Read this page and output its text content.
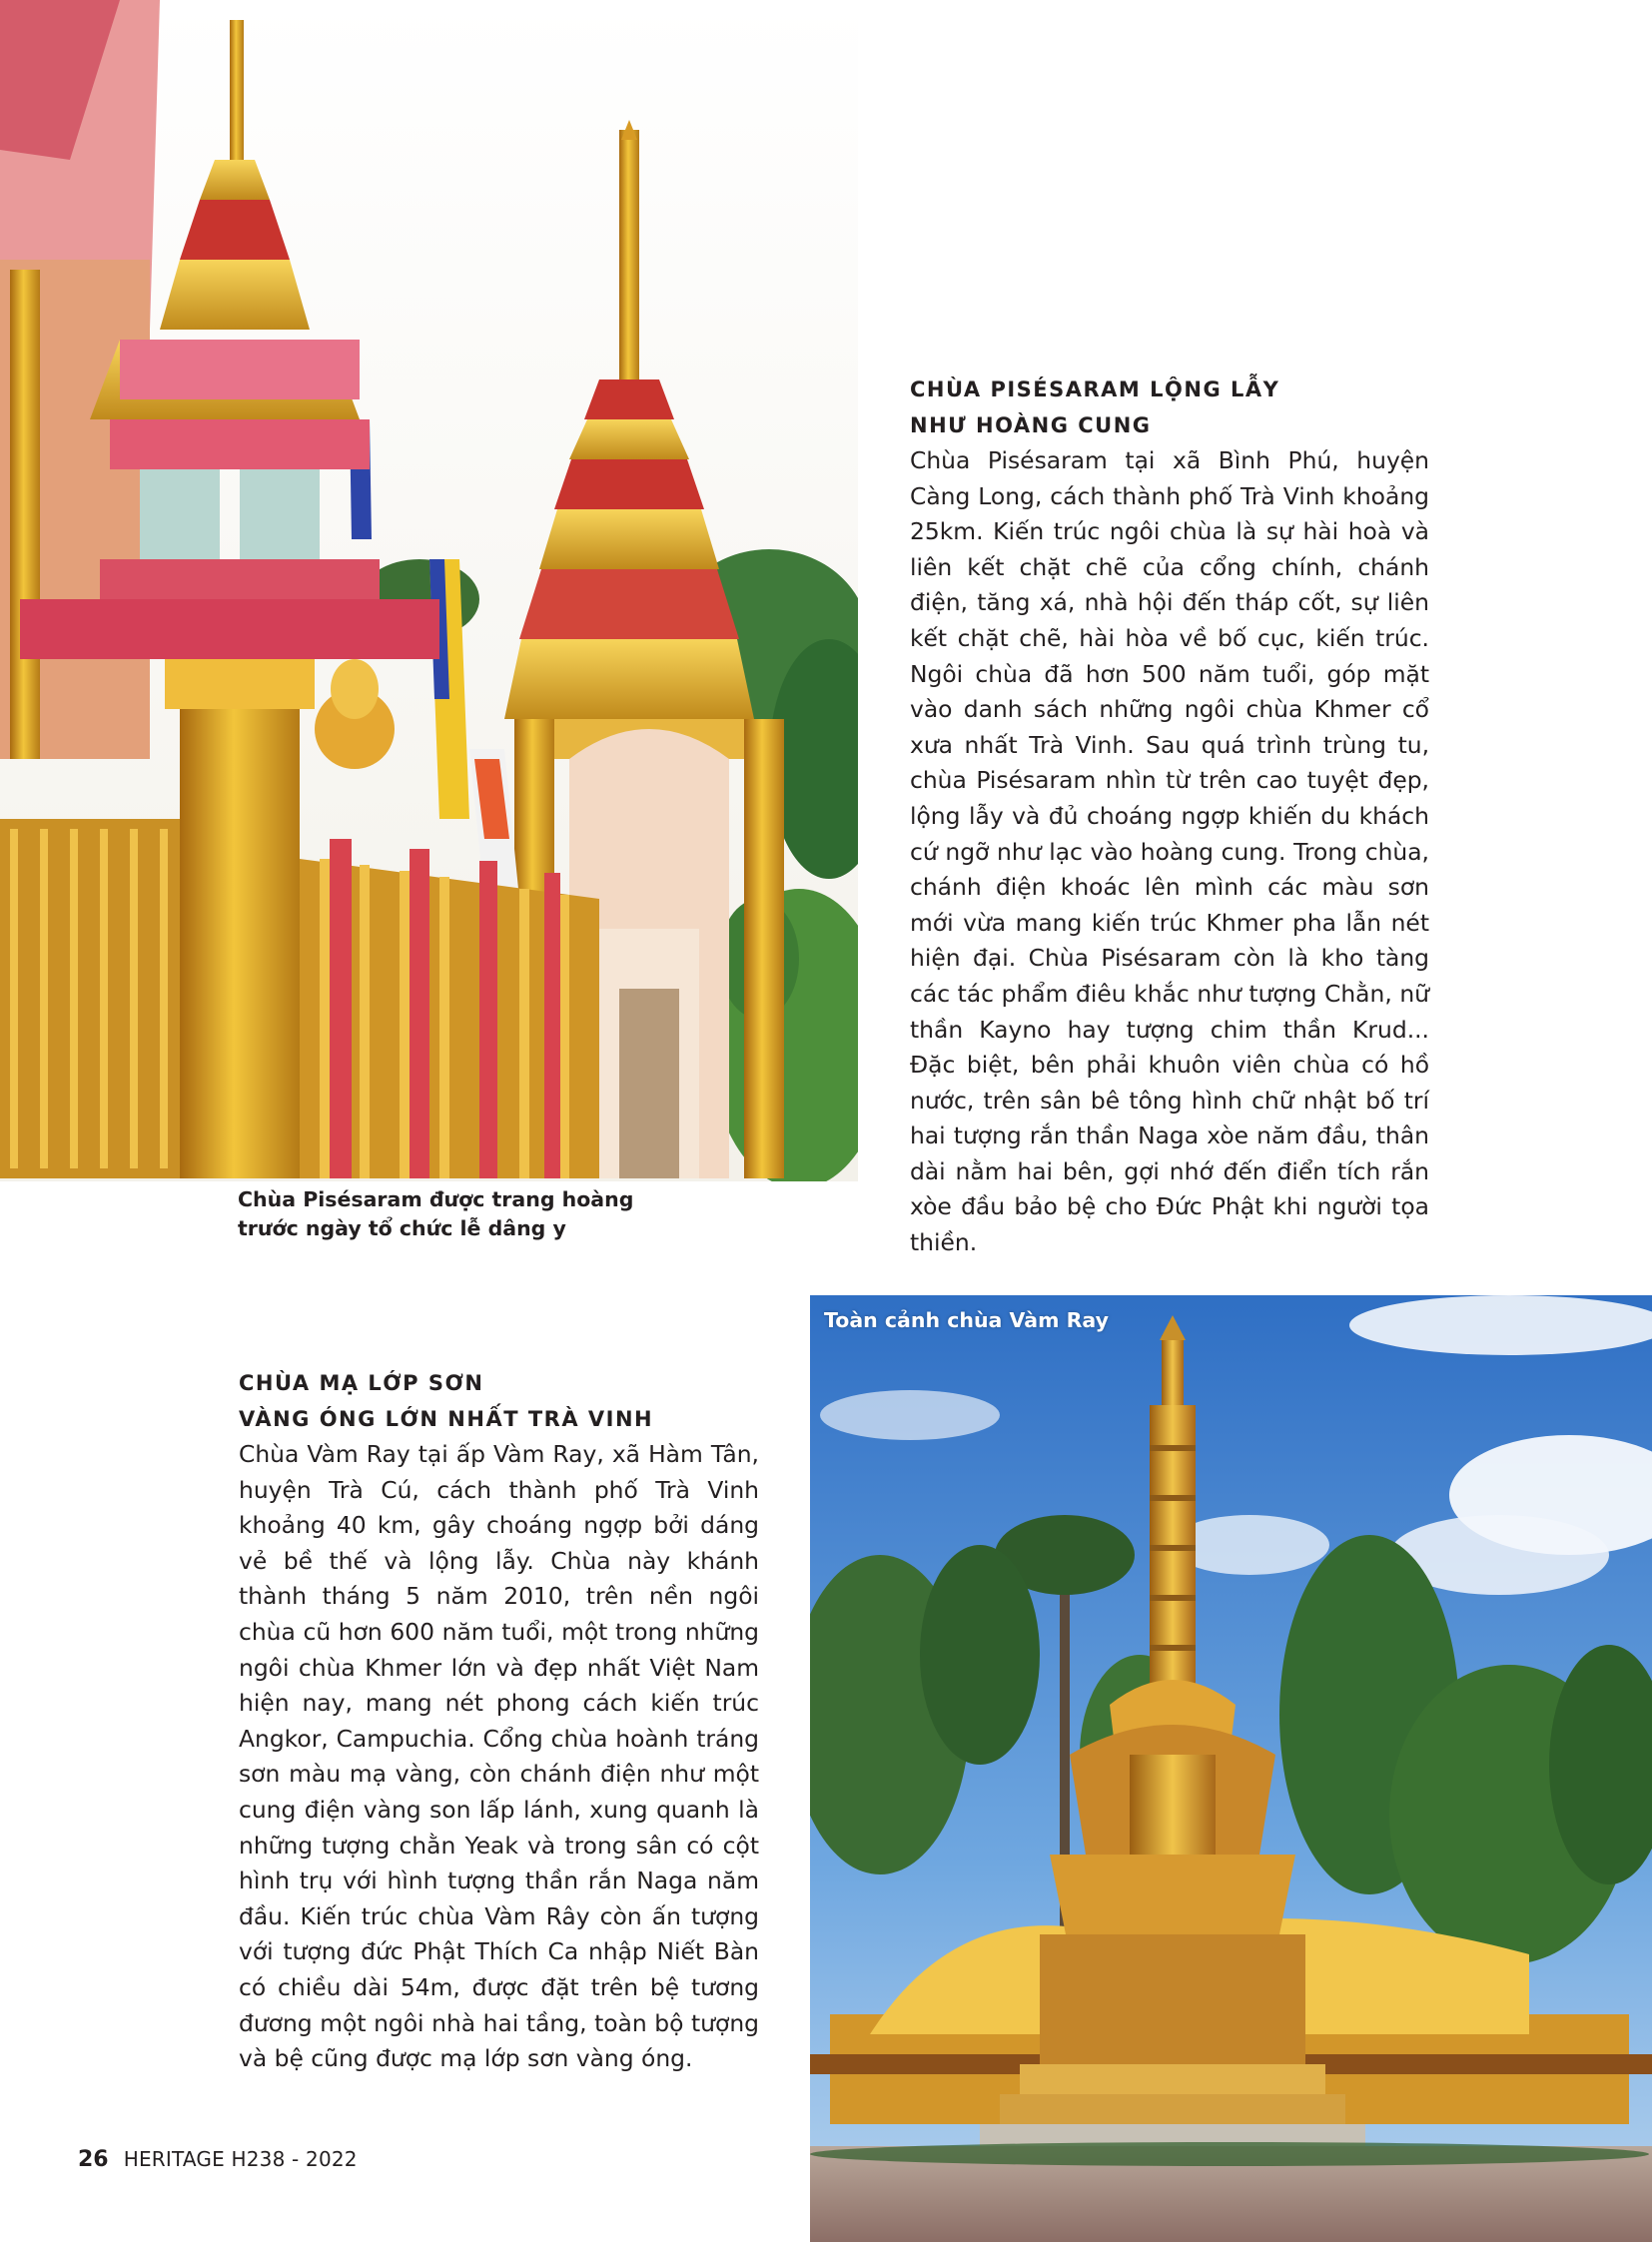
Chùa Pisésaram được trang hoàng
trước ngày tổ chức lễ dâng y
CHÙA PISÉSARAM LỘNG LẪY
NHƯ HOÀNG CUNG

Chùa Pisésaram tại xã Bình Phú, huyện Càng Long, cách thành phố Trà Vinh khoảng 25km. Kiến trúc ngôi chùa là sự hài hoà và liên kết chặt chẽ của cổng chính, chánh điện, tăng xá, nhà hội đến tháp cốt, sự liên kết chặt chẽ, hài hòa về bố cục, kiến trúc. Ngôi chùa đã hơn 500 năm tuổi, góp mặt vào danh sách những ngôi chùa Khmer cổ xưa nhất Trà Vinh. Sau quá trình trùng tu, chùa Pisésaram nhìn từ trên cao tuyệt đẹp, lộng lẫy và đủ choáng ngợp khiến du khách cứ ngỡ như lạc vào hoàng cung. Trong chùa, chánh điện khoác lên mình các màu sơn mới vừa mang kiến trúc Khmer pha lẫn nét hiện đại. Chùa Pisésaram còn là kho tàng các tác phẩm điêu khắc như tượng Chằn, nữ thần Kayno hay tượng chim thần Krud... Đặc biệt, bên phải khuôn viên chùa có hồ nước, trên sân bê tông hình chữ nhật bố trí hai tượng rắn thần Naga xòe năm đầu, thân dài nằm hai bên, gợi nhớ đến điển tích rắn xòe đầu bảo bệ cho Đức Phật khi người tọa thiền.

CHÙA MẠ LỚP SƠN
VÀNG ÓNG LỚN NHẤT TRÀ VINH

Chùa Vàm Ray tại ấp Vàm Ray, xã Hàm Tân, huyện Trà Cú, cách thành phố Trà Vinh khoảng 40 km, gây choáng ngợp bởi dáng vẻ bề thế và lộng lẫy. Chùa này khánh thành tháng 5 năm 2010, trên nền ngôi chùa cũ hơn 600 năm tuổi, một trong những ngôi chùa Khmer lớn và đẹp nhất Việt Nam hiện nay, mang nét phong cách kiến trúc Angkor, Campuchia. Cổng chùa hoành tráng sơn màu mạ vàng, còn chánh điện như một cung điện vàng son lấp lánh, xung quanh là những tượng chằn Yeak và trong sân có cột hình trụ với hình tượng thần rắn Naga năm đầu. Kiến trúc chùa Vàm Rây còn ấn tượng với tượng đức Phật Thích Ca nhập Niết Bàn có chiều dài 54m, được đặt trên bệ tương đương một ngôi nhà hai tầng, toàn bộ tượng và bệ cũng được mạ lớp sơn vàng óng.

Toàn cảnh chùa Vàm Ray
26 HERITAGE H238 - 2022
